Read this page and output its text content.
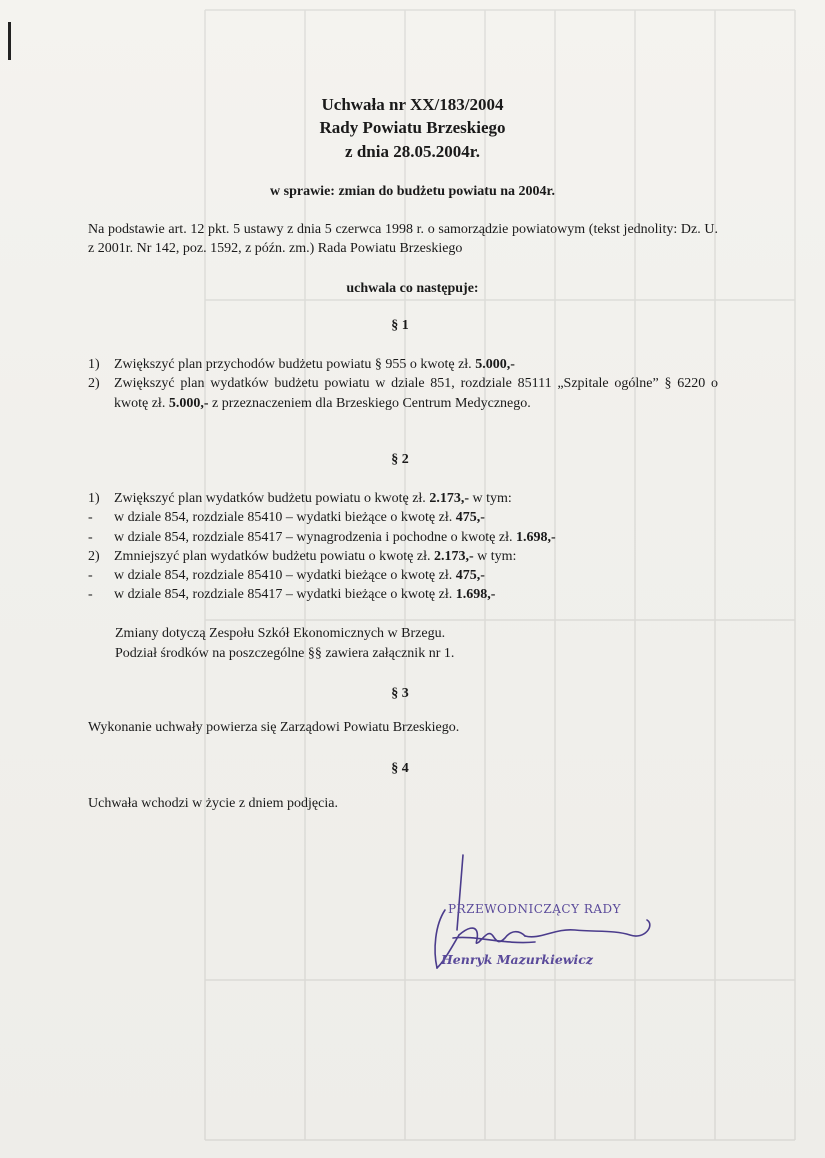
Uchwała nr XX/183/2004
Rady Powiatu Brzeskiego
z dnia 28.05.2004r.
w sprawie: zmian do budżetu powiatu na 2004r.
Na podstawie art. 12 pkt. 5 ustawy z dnia 5 czerwca 1998 r. o samorządzie powiatowym (tekst jednolity: Dz. U. z 2001r. Nr 142, poz. 1592, z późn. zm.) Rada Powiatu Brzeskiego
uchwala co następuje:
§ 1
1)	Zwiększyć plan przychodów budżetu powiatu § 955 o kwotę zł. 5.000,-
2)	Zwiększyć plan wydatków budżetu powiatu w dziale 851, rozdziale 85111 „Szpitale ogólne” § 6220 o kwotę zł. 5.000,- z przeznaczeniem dla Brzeskiego Centrum Medycznego.
§ 2
1)	Zwiększyć plan wydatków budżetu powiatu o kwotę zł. 2.173,- w tym:
-	w dziale 854, rozdziale 85410 – wydatki bieżące o kwotę zł. 475,-
-	w dziale 854, rozdziale 85417 – wynagrodzenia i pochodne o kwotę zł. 1.698,-
2)	Zmniejszyć plan wydatków budżetu powiatu o kwotę zł. 2.173,- w tym:
-	w dziale 854, rozdziale 85410 – wydatki bieżące o kwotę zł. 475,-
-	w dziale 854, rozdziale 85417 – wydatki bieżące o kwotę zł. 1.698,-
Zmiany dotyczą Zespołu Szkół Ekonomicznych w Brzegu.
Podział środków na poszczególne §§ zawiera załącznik nr 1.
§ 3
Wykonanie uchwały powierza się Zarządowi Powiatu Brzeskiego.
§ 4
Uchwała wchodzi w życie z dniem podjęcia.
PRZEWODNICZĄCY RADY
Henryk Mazurkiewicz
